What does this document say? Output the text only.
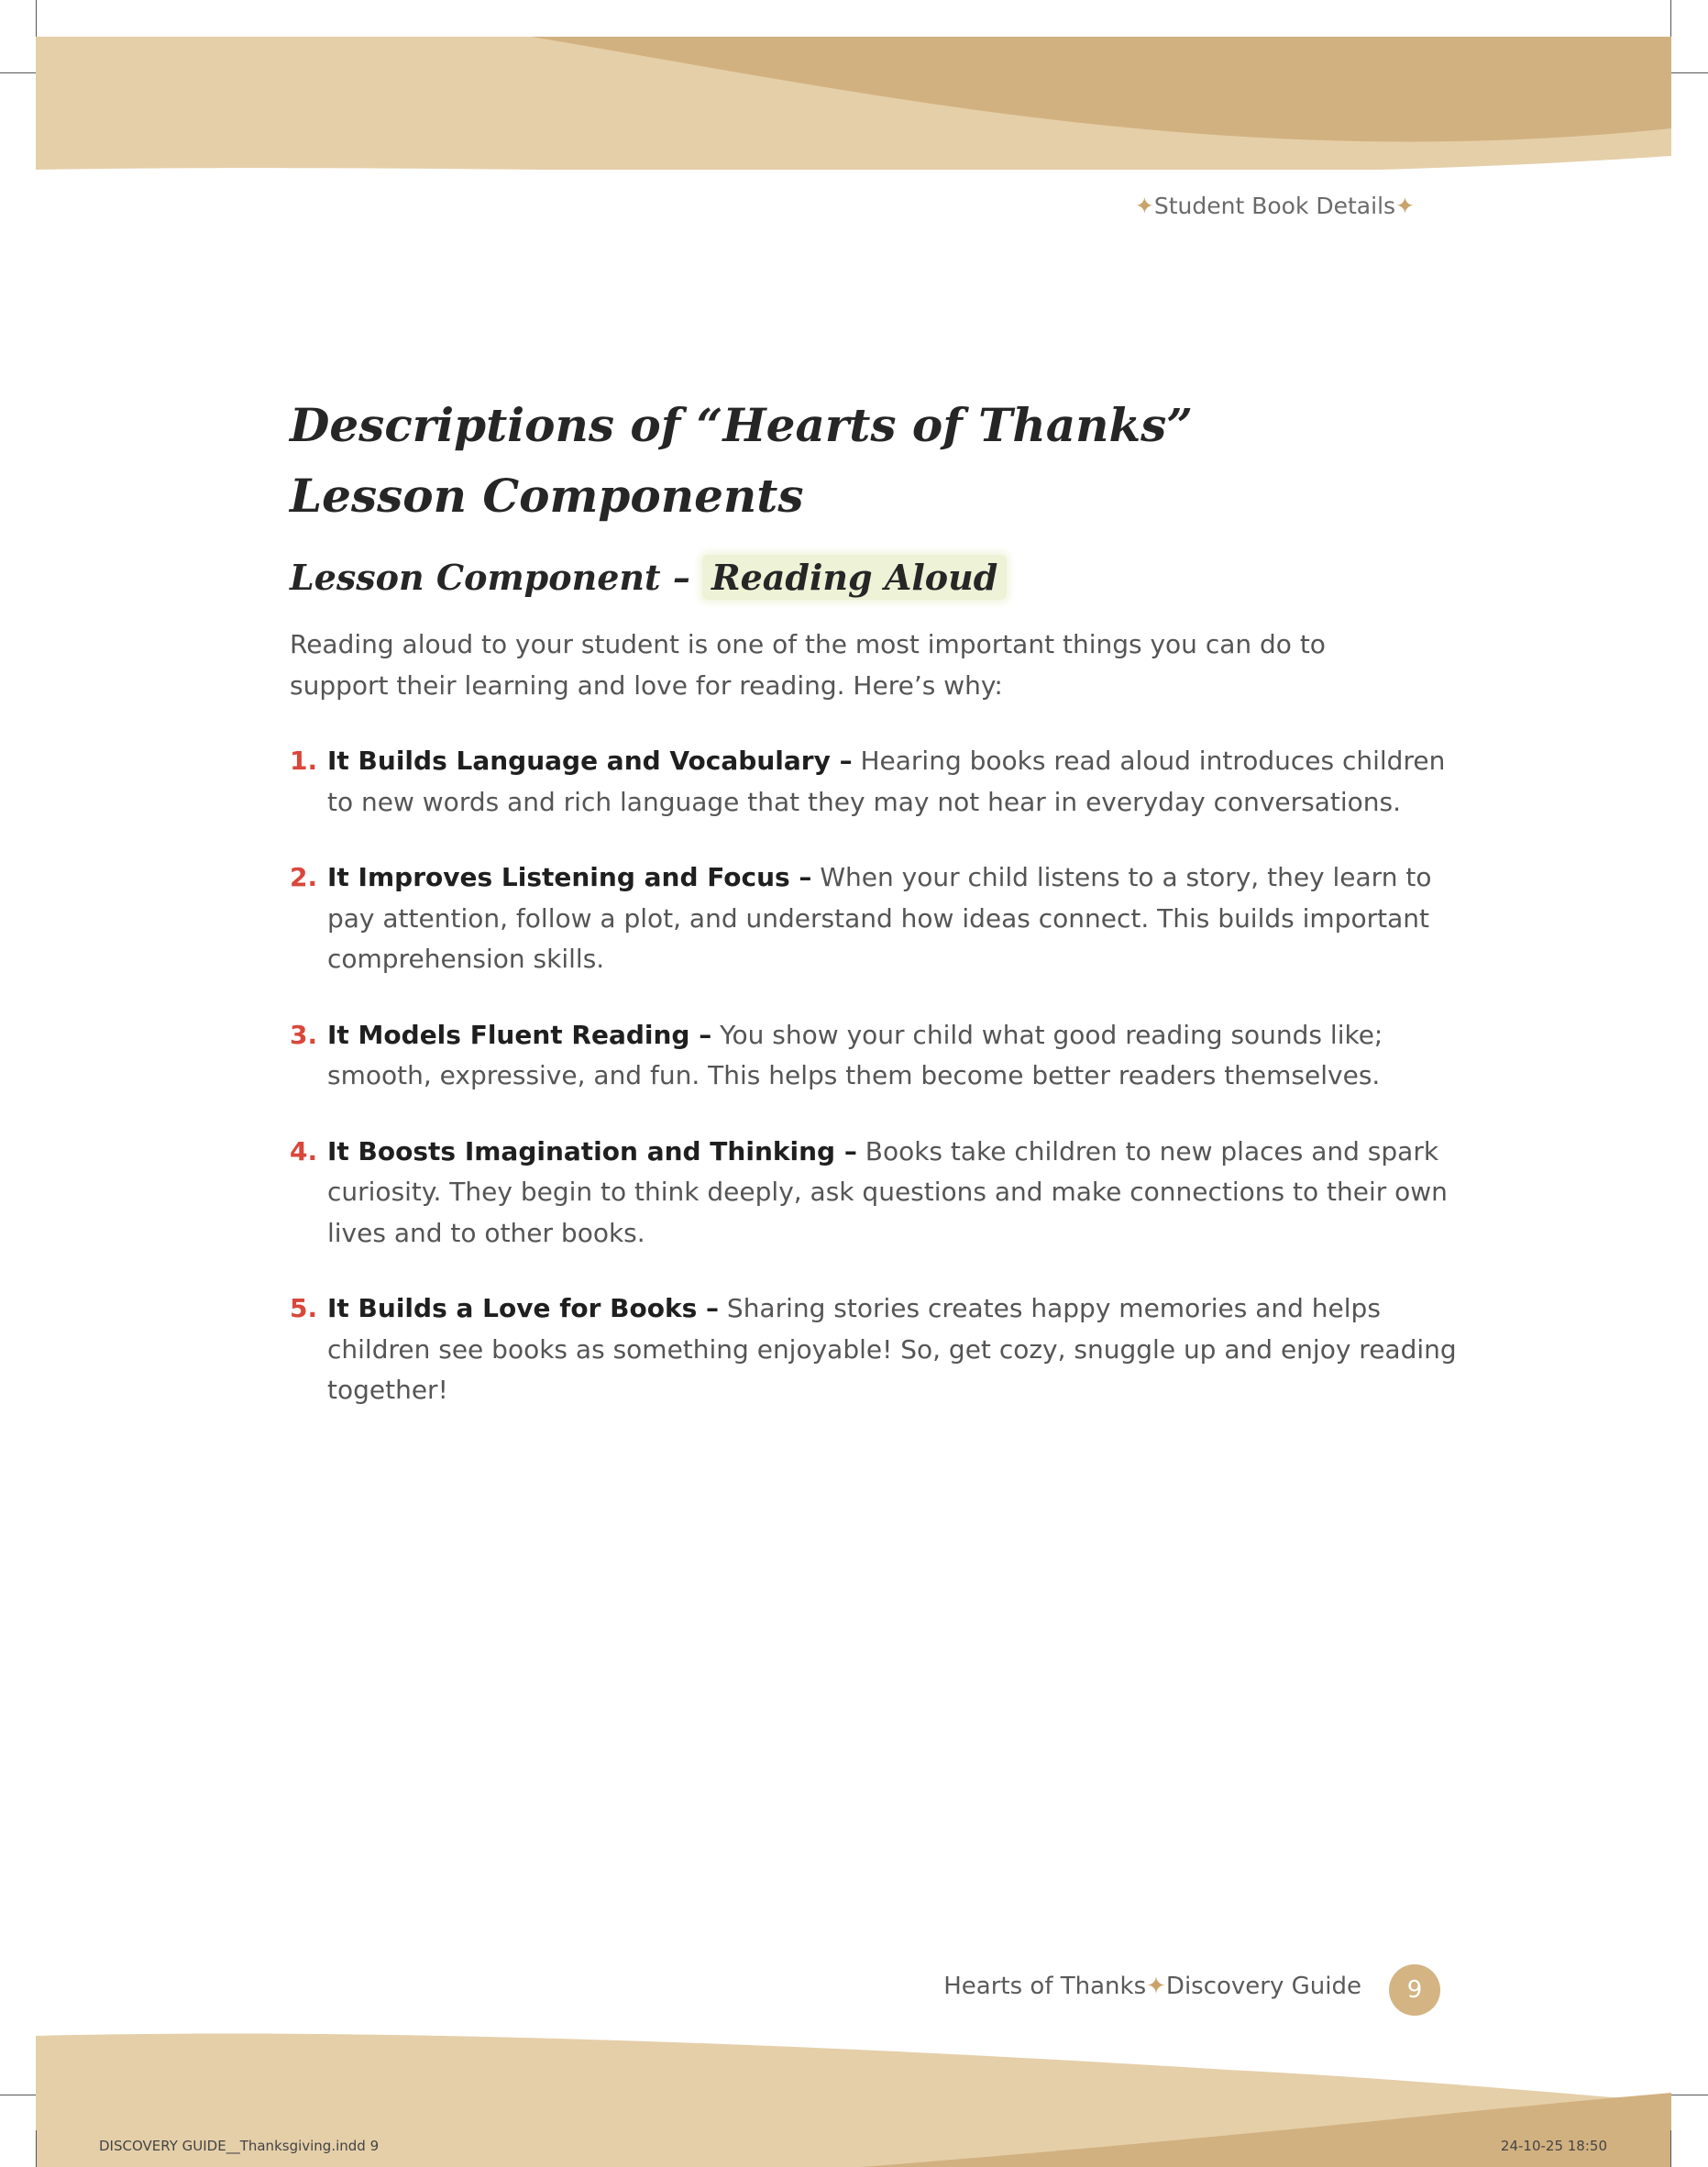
✦Student Book Details✦
Descriptions of “Hearts of Thanks”
Lesson Components
Lesson Component – Reading Aloud

Reading aloud to your student is one of the most important things you can do to support their learning and love for reading. Here’s why:

1. It Builds Language and Vocabulary – Hearing books read aloud introduces children to new words and rich language that they may not hear in everyday conversations.
2. It Improves Listening and Focus – When your child listens to a story, they learn to pay attention, follow a plot, and understand how ideas connect. This builds important comprehension skills.
3. It Models Fluent Reading – You show your child what good reading sounds like; smooth, expressive, and fun. This helps them become better readers themselves.
4. It Boosts Imagination and Thinking – Books take children to new places and spark curiosity. They begin to think deeply, ask questions and make connections to their own lives and to other books.
5. It Builds a Love for Books – Sharing stories creates happy memories and helps children see books as something enjoyable! So, get cozy, snuggle up and enjoy reading together!
Hearts of Thanks✦Discovery Guide	9
DISCOVERY GUIDE__Thanksgiving.indd 9	24-10-25 18:50
